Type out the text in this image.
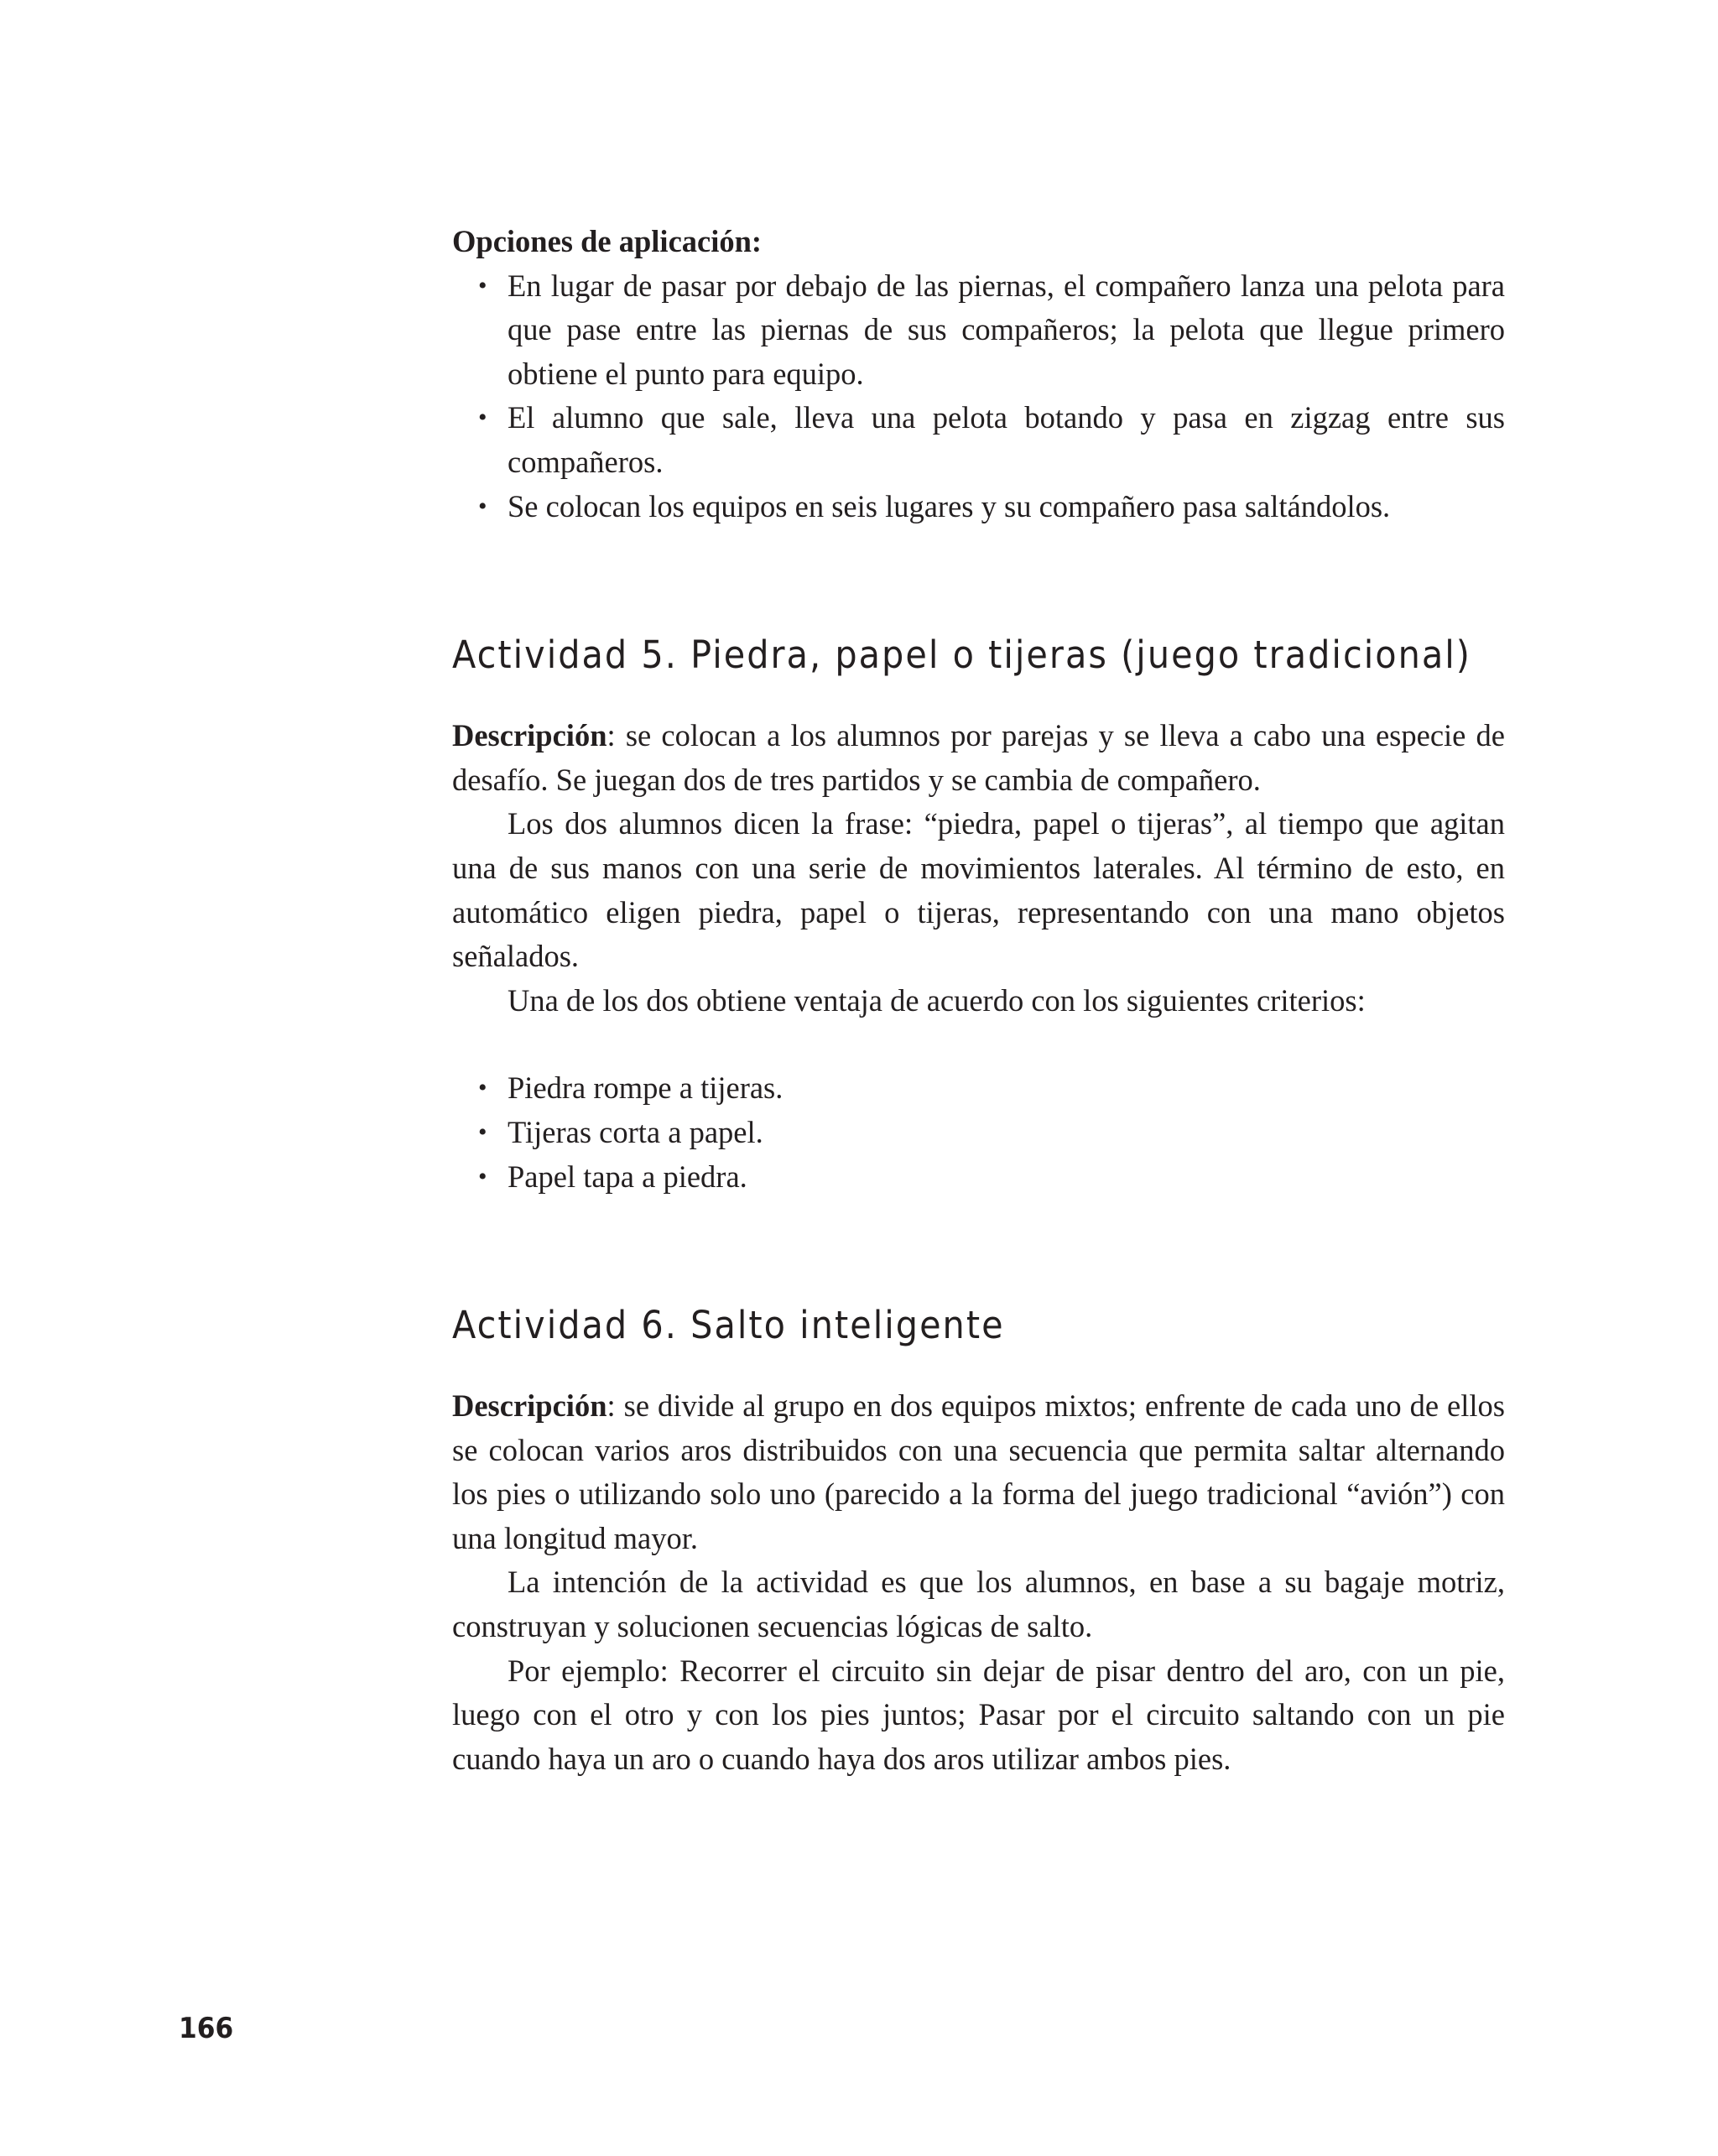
Opciones de aplicación:

• En lugar de pasar por debajo de las piernas, el compañero lanza una pelota para que pase entre las piernas de sus compañeros; la pelota que llegue primero obtiene el punto para equipo.
• El alumno que sale, lleva una pelota botando y pasa en zigzag entre sus compañeros.
• Se colocan los equipos en seis lugares y su compañero pasa saltándolos.
Actividad 5. Piedra, papel o tijeras (juego tradicional)

Descripción: se colocan a los alumnos por parejas y se lleva a cabo una especie de desafío. Se juegan dos de tres partidos y se cambia de compañero.

Los dos alumnos dicen la frase: “piedra, papel o tijeras”, al tiempo que agitan una de sus manos con una serie de movimientos laterales. Al término de esto, en automático eligen piedra, papel o tijeras, representando con una mano objetos señalados.

Una de los dos obtiene ventaja de acuerdo con los siguientes criterios:

• Piedra rompe a tijeras.
• Tijeras corta a papel.
• Papel tapa a piedra.
Actividad 6. Salto inteligente

Descripción: se divide al grupo en dos equipos mixtos; enfrente de cada uno de ellos se colocan varios aros distribuidos con una secuencia que permita saltar alternando los pies o utilizando solo uno (parecido a la forma del juego tradicional “avión”) con una longitud mayor.

La intención de la actividad es que los alumnos, en base a su bagaje motriz, construyan y solucionen secuencias lógicas de salto.

Por ejemplo: Recorrer el circuito sin dejar de pisar dentro del aro, con un pie, luego con el otro y con los pies juntos; Pasar por el circuito saltando con un pie cuando haya un aro o cuando haya dos aros utilizar ambos pies.

166
